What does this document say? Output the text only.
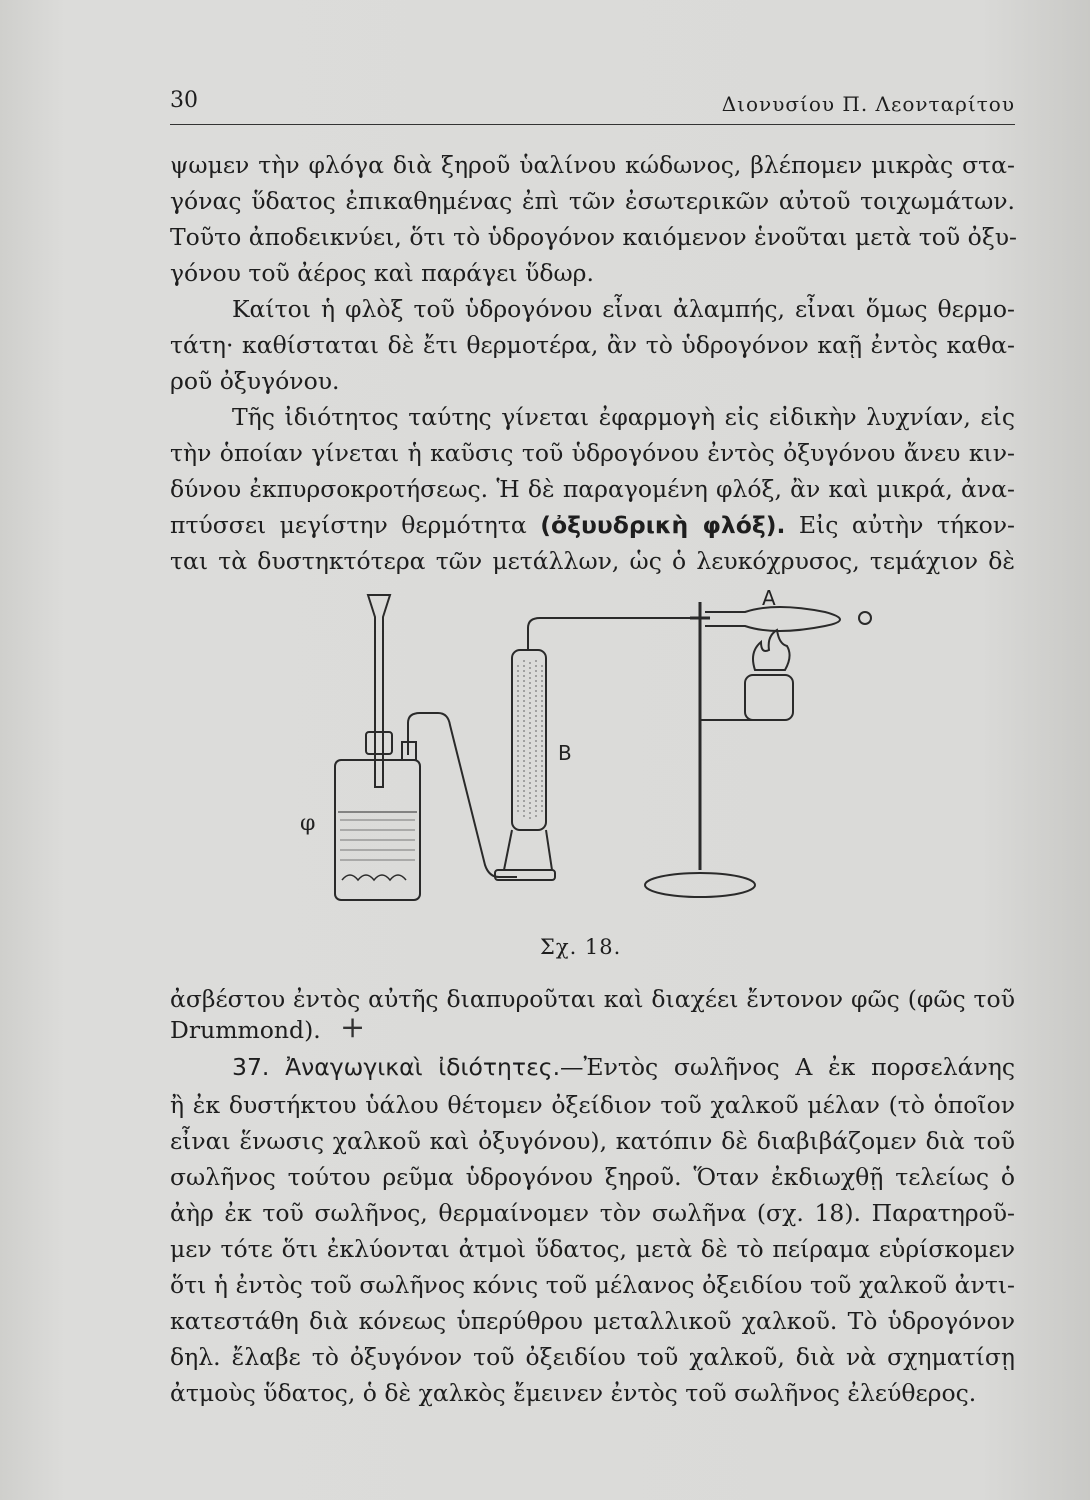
30	Διονυσίου Π. Λεονταρίτου
ψωμεν τὴν φλόγα διὰ ξηροῦ ὑαλίνου κώδωνος, βλέπομεν μικρὰς στα-
γόνας ὕδατος ἐπικαθημένας ἐπὶ τῶν ἐσωτερικῶν αὐτοῦ τοιχωμάτων.
Τοῦτο ἀποδεικνύει, ὅτι τὸ ὑδρογόνον καιόμενον ἑνοῦται μετὰ τοῦ ὀξυ-
γόνου τοῦ ἀέρος καὶ παράγει ὕδωρ.
Καίτοι ἡ φλὸξ τοῦ ὑδρογόνου εἶναι ἀλαμπής, εἶναι ὅμως θερμο-
τάτη· καθίσταται δὲ ἔτι θερμοτέρα, ἂν τὸ ὑδρογόνον καῇ ἐντὸς καθα-
ροῦ ὀξυγόνου.
Τῆς ἰδιότητος ταύτης γίνεται ἐφαρμογὴ εἰς εἰδικὴν λυχνίαν, εἰς
τὴν ὁποίαν γίνεται ἡ καῦσις τοῦ ὑδρογόνου ἐντὸς ὀξυγόνου ἄνευ κιν-
δύνου ἐκπυρσοκροτήσεως. Ἡ δὲ παραγομένη φλόξ, ἂν καὶ μικρά, ἀνα-
πτύσσει μεγίστην θερμότητα (ὀξυυδρικὴ φλόξ). Εἰς αὐτὴν τήκον-
ται τὰ δυστηκτότερα τῶν μετάλλων, ὡς ὁ λευκόχρυσος, τεμάχιον δὲ
A
B
φ
Σχ. 18.
ἀσβέστου ἐντὸς αὐτῆς διαπυροῦται καὶ διαχέει ἔντονον φῶς (φῶς τοῦ
Drummond). +
37. Ἀναγωγικαὶ ἰδιότητες.—Ἐντὸς σωλῆνος Α ἐκ πορσελάνης
ἢ ἐκ δυστήκτου ὑάλου θέτομεν ὀξείδιον τοῦ χαλκοῦ μέλαν (τὸ ὁποῖον
εἶναι ἕνωσις χαλκοῦ καὶ ὀξυγόνου), κατόπιν δὲ διαβιβάζομεν διὰ τοῦ
σωλῆνος τούτου ρεῦμα ὑδρογόνου ξηροῦ. Ὅταν ἐκδιωχθῇ τελείως ὁ
ἀὴρ ἐκ τοῦ σωλῆνος, θερμαίνομεν τὸν σωλῆνα (σχ. 18). Παρατηροῦ-
μεν τότε ὅτι ἐκλύονται ἀτμοὶ ὕδατος, μετὰ δὲ τὸ πείραμα εὑρίσκομεν
ὅτι ἡ ἐντὸς τοῦ σωλῆνος κόνις τοῦ μέλανος ὀξειδίου τοῦ χαλκοῦ ἀντι-
κατεστάθη διὰ κόνεως ὑπερύθρου μεταλλικοῦ χαλκοῦ. Τὸ ὑδρογόνον
δηλ. ἔλαβε τὸ ὀξυγόνον τοῦ ὀξειδίου τοῦ χαλκοῦ, διὰ νὰ σχηματίσῃ
ἀτμοὺς ὕδατος, ὁ δὲ χαλκὸς ἔμεινεν ἐντὸς τοῦ σωλῆνος ἐλεύθερος.
